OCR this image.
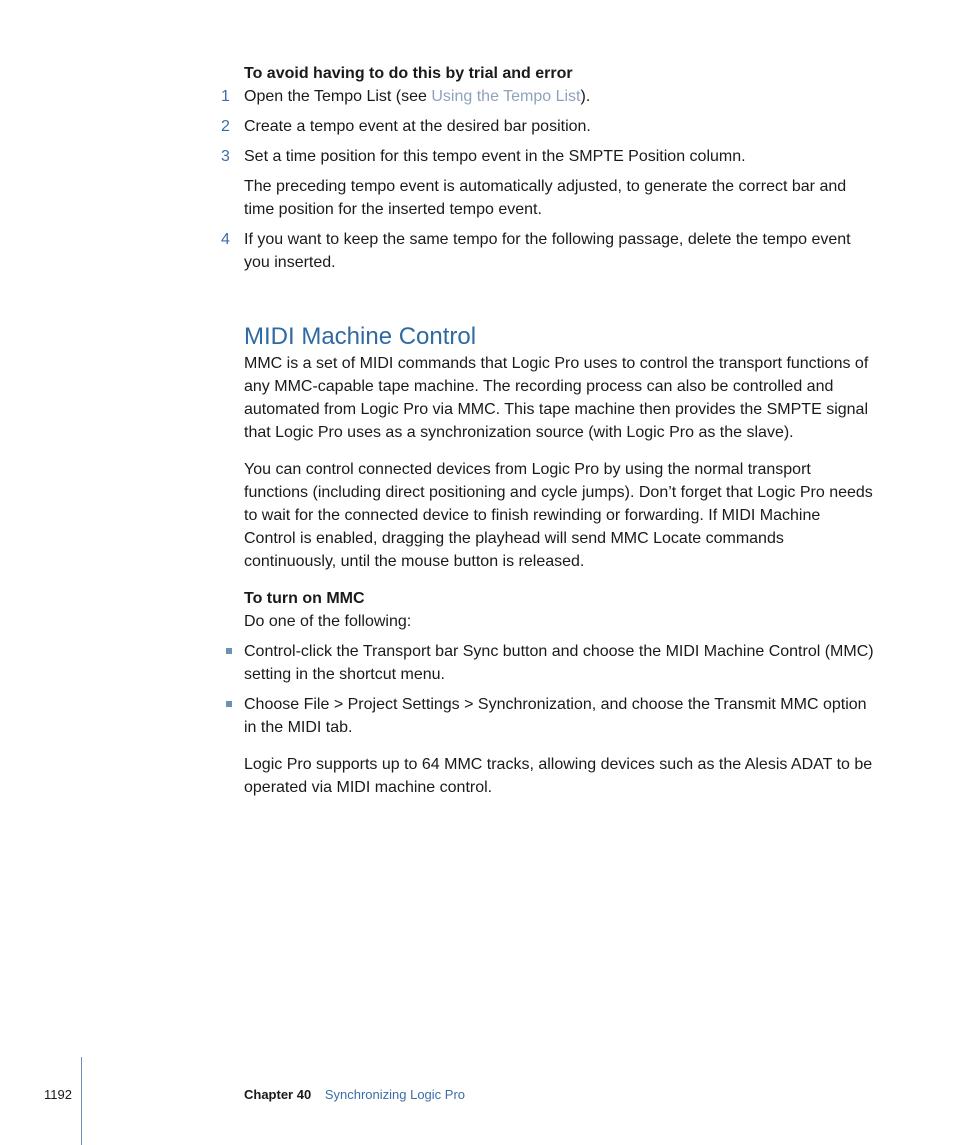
To avoid having to do this by trial and error

1 Open the Tempo List (see Using the Tempo List).
2 Create a tempo event at the desired bar position.
3 Set a time position for this tempo event in the SMPTE Position column.
The preceding tempo event is automatically adjusted, to generate the correct bar and time position for the inserted tempo event.
4 If you want to keep the same tempo for the following passage, delete the tempo event you inserted.
MIDI Machine Control

MMC is a set of MIDI commands that Logic Pro uses to control the transport functions of any MMC-capable tape machine. The recording process can also be controlled and automated from Logic Pro via MMC. This tape machine then provides the SMPTE signal that Logic Pro uses as a synchronization source (with Logic Pro as the slave).

You can control connected devices from Logic Pro by using the normal transport functions (including direct positioning and cycle jumps). Don’t forget that Logic Pro needs to wait for the connected device to finish rewinding or forwarding. If MIDI Machine Control is enabled, dragging the playhead will send MMC Locate commands continuously, until the mouse button is released.

To turn on MMC

Do one of the following:

Control-click the Transport bar Sync button and choose the MIDI Machine Control (MMC) setting in the shortcut menu.
Choose File > Project Settings > Synchronization, and choose the Transmit MMC option in the MIDI tab.

Logic Pro supports up to 64 MMC tracks, allowing devices such as the Alesis ADAT to be operated via MIDI machine control.

1192	Chapter 40 Synchronizing Logic Pro
